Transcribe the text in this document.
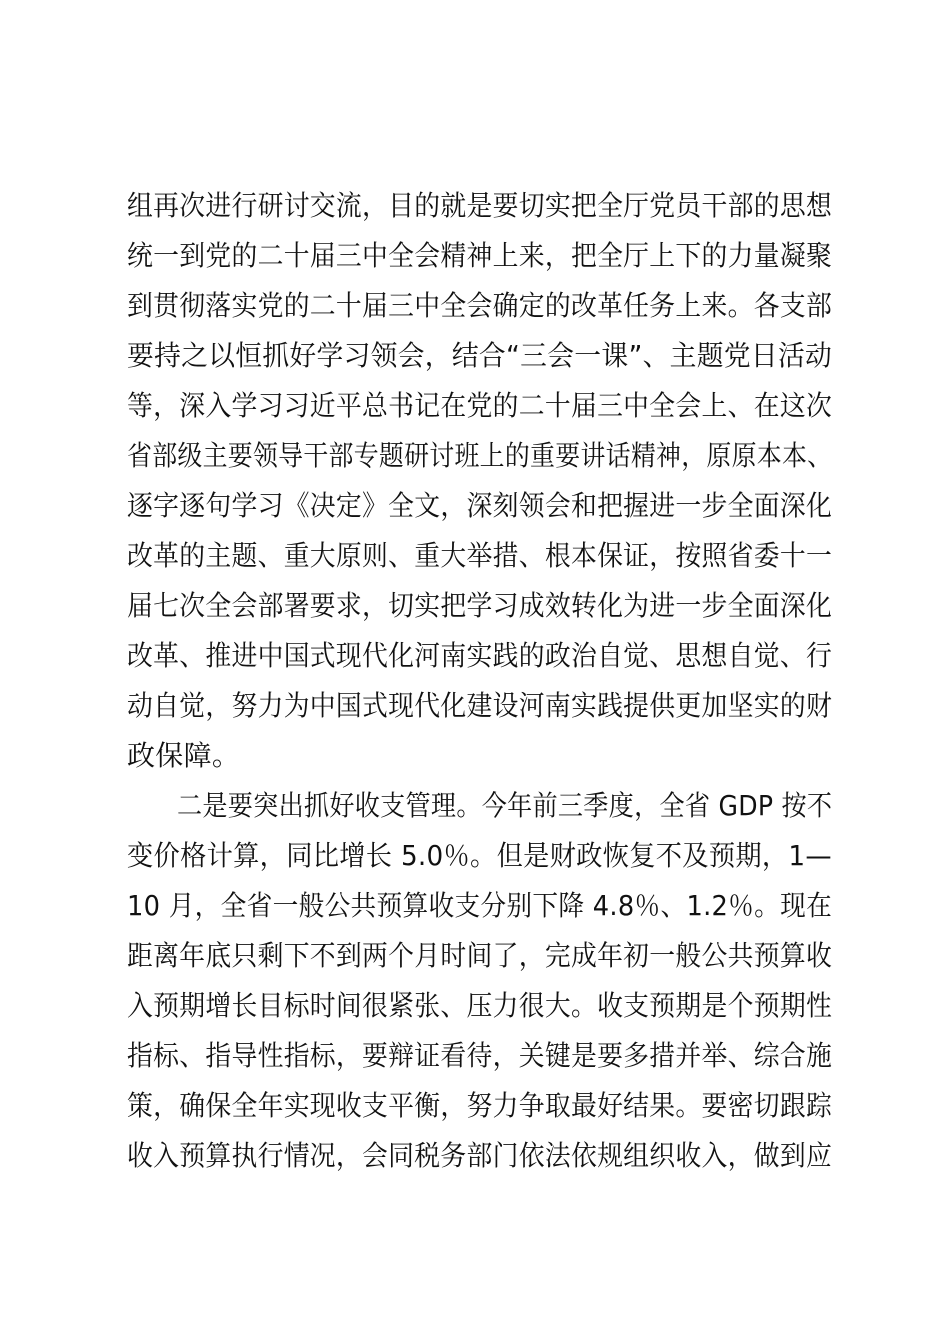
组再次进行研讨交流，目的就是要切实把全厅党员干部的思想
统一到党的二十届三中全会精神上来，把全厅上下的力量凝聚
到贯彻落实党的二十届三中全会确定的改革任务上来。各支部
要持之以恒抓好学习领会，结合“三会一课”、主题党日活动
等，深入学习习近平总书记在党的二十届三中全会上、在这次
省部级主要领导干部专题研讨班上的重要讲话精神，原原本本、
逐字逐句学习《决定》全文，深刻领会和把握进一步全面深化
改革的主题、重大原则、重大举措、根本保证，按照省委十一
届七次全会部署要求，切实把学习成效转化为进一步全面深化
改革、推进中国式现代化河南实践的政治自觉、思想自觉、行
动自觉，努力为中国式现代化建设河南实践提供更加坚实的财
政保障。
二是要突出抓好收支管理。今年前三季度，全省 GDP 按不
变价格计算，同比增长 5.0％。但是财政恢复不及预期，1—
10 月，全省一般公共预算收支分别下降 4.8％、1.2％。现在
距离年底只剩下不到两个月时间了，完成年初一般公共预算收
入预期增长目标时间很紧张、压力很大。收支预期是个预期性
指标、指导性指标，要辩证看待，关键是要多措并举、综合施
策，确保全年实现收支平衡，努力争取最好结果。要密切跟踪
收入预算执行情况，会同税务部门依法依规组织收入，做到应
